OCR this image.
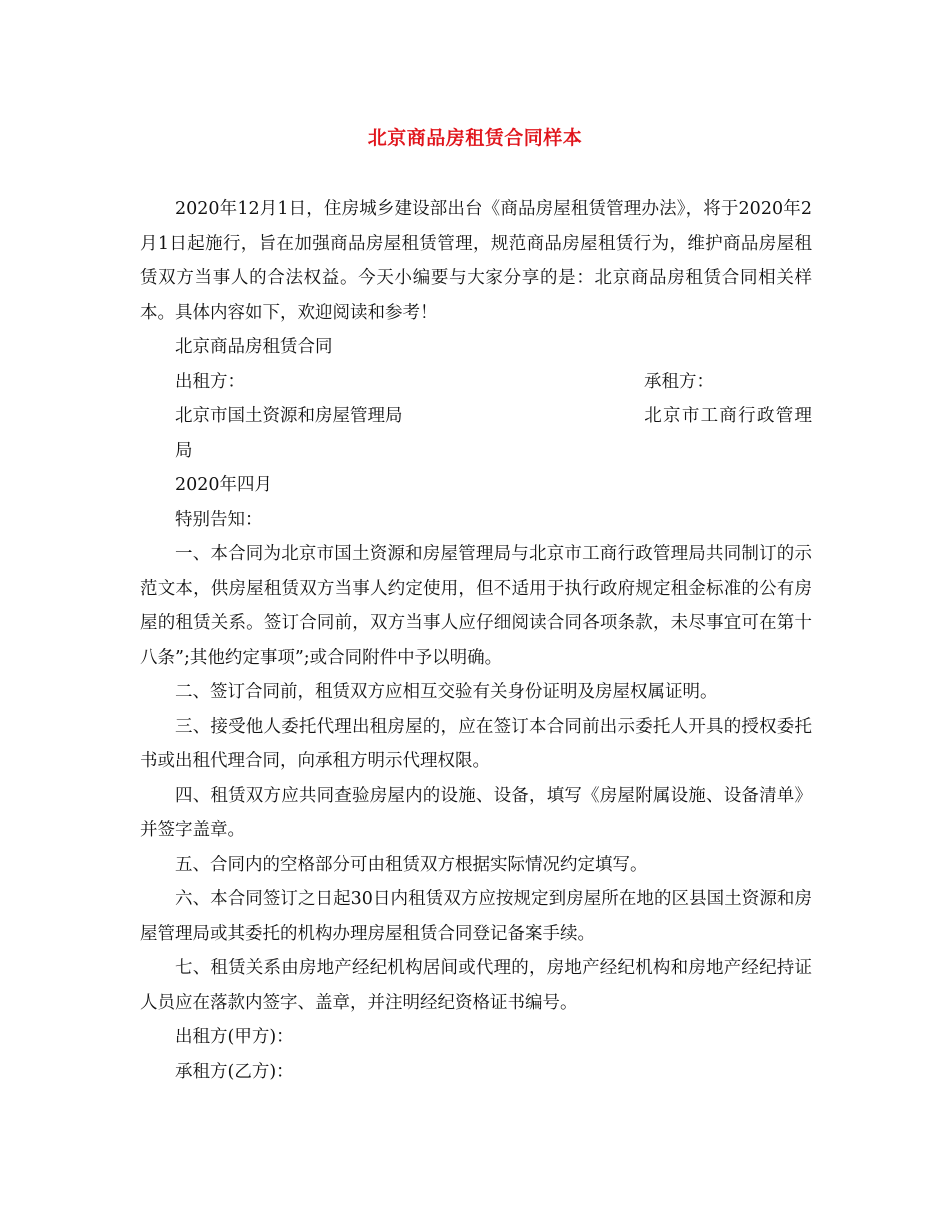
北京商品房租赁合同样本

2020年12月1日，住房城乡建设部出台《商品房屋租赁管理办法》，将于2020年2月1日起施行，旨在加强商品房屋租赁管理，规范商品房屋租赁行为，维护商品房屋租赁双方当事人的合法权益。今天小编要与大家分享的是：北京商品房租赁合同相关样本。具体内容如下，欢迎阅读和参考！

北京商品房租赁合同

出租方：	承租方：
北京市国土资源和房屋管理局	北京市工商行政管理局

2020年四月

特别告知：

一、本合同为北京市国土资源和房屋管理局与北京市工商行政管理局共同制订的示范文本，供房屋租赁双方当事人约定使用，但不适用于执行政府规定租金标准的公有房屋的租赁关系。签订合同前，双方当事人应仔细阅读合同各项条款，未尽事宜可在第十八条”;其他约定事项”;或合同附件中予以明确。

二、签订合同前，租赁双方应相互交验有关身份证明及房屋权属证明。

三、接受他人委托代理出租房屋的，应在签订本合同前出示委托人开具的授权委托书或出租代理合同，向承租方明示代理权限。

四、租赁双方应共同查验房屋内的设施、设备，填写《房屋附属设施、设备清单》并签字盖章。

五、合同内的空格部分可由租赁双方根据实际情况约定填写。

六、本合同签订之日起30日内租赁双方应按规定到房屋所在地的区县国土资源和房屋管理局或其委托的机构办理房屋租赁合同登记备案手续。

七、租赁关系由房地产经纪机构居间或代理的，房地产经纪机构和房地产经纪持证人员应在落款内签字、盖章，并注明经纪资格证书编号。

出租方(甲方)：

承租方(乙方)：
